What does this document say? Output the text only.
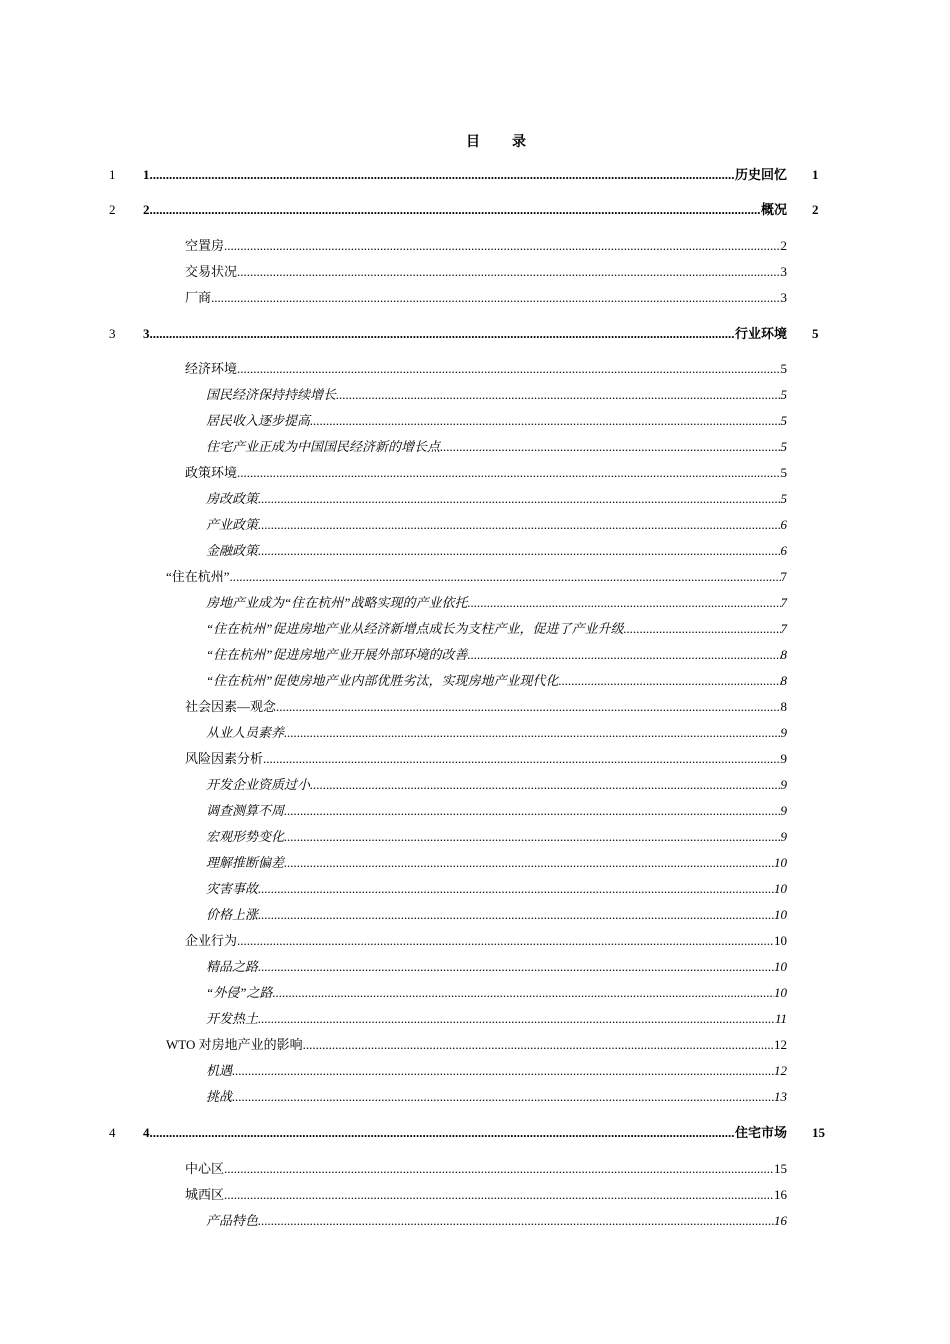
目 录
1 1 .....	历史回忆 1
2 2 .....	概况 2
空置房 .....	2
交易状况 .....	3
厂商 .....	3
3 3 .....	行业环境 5
经济环境 .....	5
国民经济保持持续增长 .....	5
居民收入逐步提高 .....	5
住宅产业正成为中国国民经济新的增长点 .....	5
政策环境 .....	5
房改政策 .....	5
产业政策 .....	6
金融政策 .....	6
“住在杭州” .....	7
房地产业成为“住在杭州”战略实现的产业依托 .....	7
“住在杭州”促进房地产业从经济新增点成长为支柱产业，促进了产业升级 .....	7
“住在杭州”促进房地产业开展外部环境的改善 .....	8
“住在杭州”促使房地产业内部优胜劣汰，实现房地产业现代化 .....	8
社会因素—观念 .....	8
从业人员素养 .....	9
风险因素分析 .....	9
开发企业资质过小 .....	9
调查测算不周 .....	9
宏观形势变化 .....	9
理解推断偏差 .....	10
灾害事故 .....	10
价格上涨 .....	10
企业行为 .....	10
精品之路 .....	10
“外侵”之路 .....	10
开发热土 .....	11
WTO 对房地产业的影响 .....	12
机遇 .....	12
挑战 .....	13
4 4 .....	住宅市场 15
中心区 .....	15
城西区 .....	16
产品特色 .....	16
